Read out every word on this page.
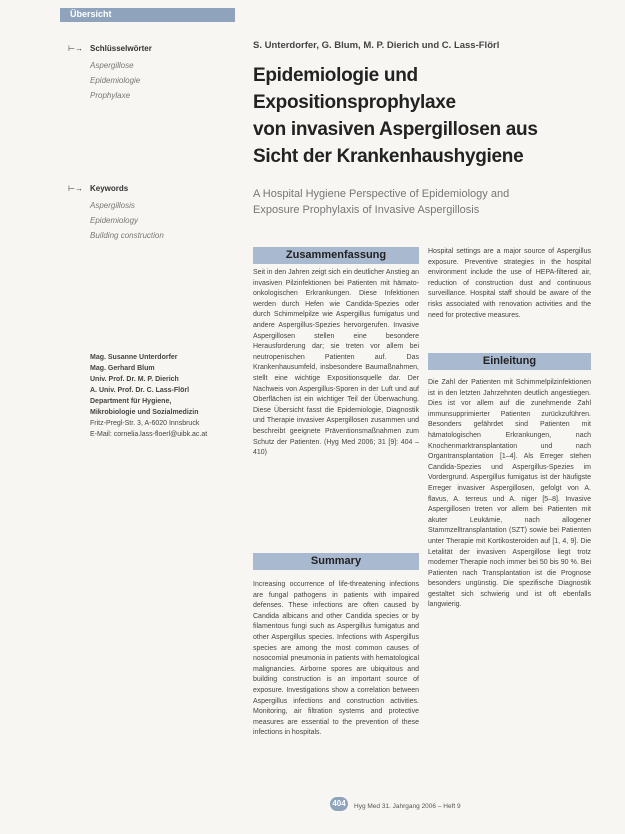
Übersicht
⊢→ Schlüsselwörter
Aspergillose
Epidemiologie
Prophylaxe
⊢→ Keywords
Aspergillosis
Epidemiology
Building construction
S. Unterdorfer, G. Blum, M. P. Dierich und C. Lass-Flörl
Epidemiologie und
Expositionsprophylaxe
von invasiven Aspergillosen aus
Sicht der Krankenhaushygiene
A Hospital Hygiene Perspective of Epidemiology and
Exposure Prophylaxis of Invasive Aspergillosis
Mag. Susanne Unterdorfer
Mag. Gerhard Blum
Univ. Prof. Dr. M. P. Dierich
A. Univ. Prof. Dr. C. Lass-Flörl
Department für Hygiene,
Mikrobiologie und Sozialmedizin
Fritz-Pregl-Str. 3, A-6020 Innsbruck
E-Mail: cornelia.lass-floerl@uibk.ac.at
Zusammenfassung
Seit in den Jahren zeigt sich ein deutlicher Anstieg an invasiven Pilzinfektionen bei Patienten mit hämato-onkologischen Erkrankungen. Diese Infektionen werden durch Hefen wie Candida-Spezies oder durch Schimmelpilze wie Aspergillus fumigatus und andere Aspergillus-Spezies hervorgerufen. Invasive Aspergillosen stellen eine besondere Herausforderung dar; sie treten vor allem bei neutropenischen Patienten auf. Das Krankenhausumfeld, insbesondere Baumaßnahmen, stellt eine wichtige Expositionsquelle dar. Der Nachweis von Aspergillus-Sporen in der Luft und auf Oberflächen ist ein wichtiger Teil der Überwachung. Diese Übersicht fasst die Epidemiologie, Diagnostik und Therapie invasiver Aspergillosen zusammen und beschreibt geeignete Präventionsmaßnahmen zum Schutz der Patienten. (Hyg Med 2006; 31 [9]: 404 – 410)
Summary
Increasing occurrence of life-threatening infections are fungal pathogens in patients with impaired defenses. These infections are often caused by Candida albicans and other Candida species or by filamentous fungi such as Aspergillus fumigatus and other Aspergillus species. Infections with Aspergillus species are among the most common causes of nosocomial pneumonia in patients with hematological malignancies. Airborne spores are ubiquitous and building construction is an important source of exposure. Investigations show a correlation between Aspergillus infections and construction activities. Monitoring, air filtration systems and protective measures are essential to the prevention of these infections in hospitals.
Hospital settings are a major source of Aspergillus exposure. Preventive strategies in the hospital environment include the use of HEPA-filtered air, reduction of construction dust and continuous surveillance. Hospital staff should be aware of the risks associated with renovation activities and the need for protective measures.
Einleitung
Die Zahl der Patienten mit Schimmelpilzinfektionen ist in den letzten Jahrzehnten deutlich angestiegen. Dies ist vor allem auf die zunehmende Zahl immunsupprimierter Patienten zurückzuführen. Besonders gefährdet sind Patienten mit hämatologischen Erkrankungen, nach Knochenmarktransplantation und nach Organtransplantation [1–4]. Als Erreger stehen Candida-Spezies und Aspergillus-Spezies im Vordergrund. Aspergillus fumigatus ist der häufigste Erreger invasiver Aspergillosen, gefolgt von A. flavus, A. terreus und A. niger [5–8]. Invasive Aspergillosen treten vor allem bei Patienten mit akuter Leukämie, nach allogener Stammzelltransplantation (SZT) sowie bei Patienten unter Therapie mit Kortikosteroiden auf [1, 4, 9]. Die Letalität der invasiven Aspergillose liegt trotz moderner Therapie noch immer bei 50 bis 90 %. Bei Patienten nach Transplantation ist die Prognose besonders ungünstig. Die spezifische Diagnostik gestaltet sich schwierig und ist oft ebenfalls langwierig.
404	Hyg Med 31. Jahrgang 2006 – Heft 9
